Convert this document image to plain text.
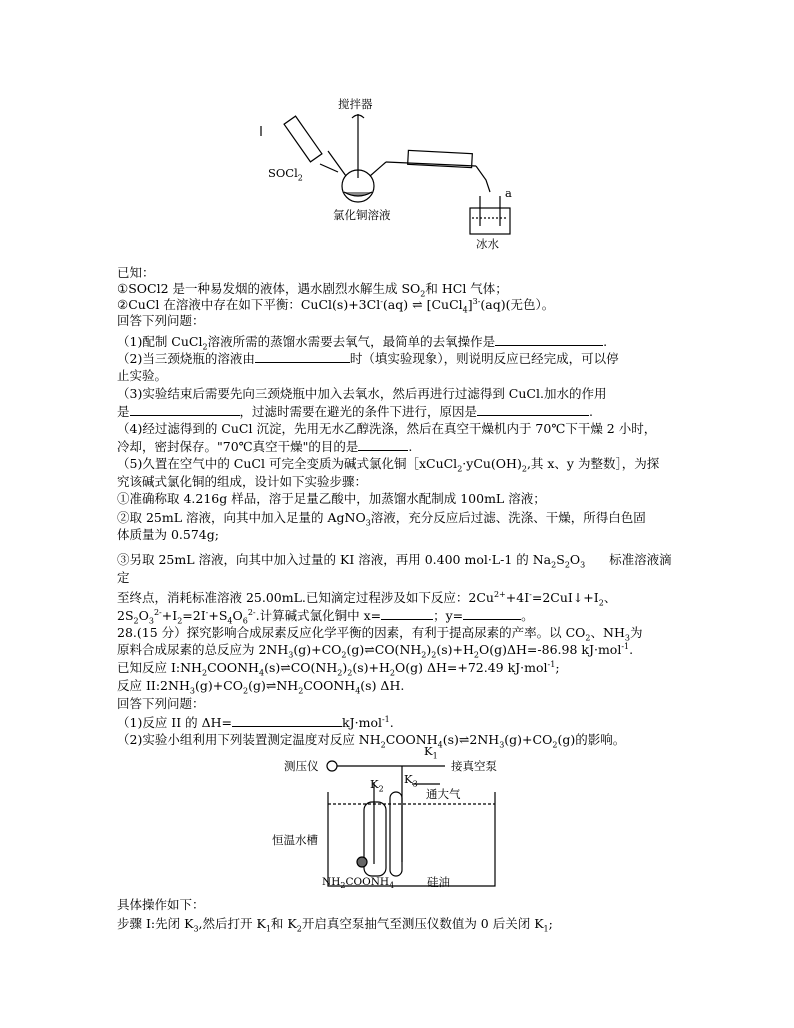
搅拌器
SOCl$_2$
氯化铜溶液
冰水
a
已知：
①SOCl2 是一种易发烟的液体，遇水剧烈水解生成 $SO_2$和 HCl 气体；
②CuCl 在溶液中存在如下平衡：CuCl(s)+3Cl-(aq) ⇌ [CuCl$_4$]$^{3-}$(aq)(无色）。
回答下列问题：
（1)配制 CuCl$_2$溶液所需的蒸馏水需要去氧气，最简单的去氧操作是	.
（2)当三颈烧瓶的溶液由	时（填实验现象），则说明反应已经完成，可以停
止实验。
（3)实验结束后需要先向三颈烧瓶中加入去氧水，然后再进行过滤得到 CuCl.加水的作用
是	，过滤时需要在避光的条件下进行，原因是	.
（4)经过滤得到的 CuCl 沉淀，先用无水乙醇洗涤，然后在真空干燥机内于 70℃下干燥 2 小时，
冷却，密封保存。"70℃真空干燥"的目的是	.
（5)久置在空气中的 CuCl 可完全变质为碱式氯化铜$[xCuCl_2\cdot yCu(OH)_2$,其 x、y 为整数］，为探
究该碱式氯化铜的组成，设计如下实验步骤：
①准确称取 4.216g 样品，溶于足量乙酸中，加蒸馏水配制成 100mL 溶液；
②取 25mL 溶液，向其中加入足量的 AgNO$_3$溶液，充分反应后过滤、洗涤、干燥，所得白色固
体质量为 0.574g;
③另取 25mL 溶液，向其中加入过量的 KI 溶液，再用 0.400 mol·L-1 的 $Na_2S_2O_3$ 标准溶液滴
定
至终点，消耗标准溶液 25.00mL.已知滴定过程涉及如下反应：$2Cu^{2+}+4I^-=2CuI↓+I_2$、
$2S_2O_3^{2-}+I_2=2I^-+S_4O_6^{2-}$.计算碱式氯化铜中 x=	；y=	。
28.(15 分）探究影响合成尿素反应化学平衡的因素，有利于提高尿素的产率。以 $CO_2$、$NH_3$为
原料合成尿素的总反应为 $2NH_3(g)+CO_2(g)\rightleftharpoons CO(NH_2)_2(s)+H_2O(g)\Delta H=-86.98$ kJ·mol$^{-1}$.
已知反应 $I:NH_2COONH_4(s)\rightleftharpoons CO(NH_2)_2(s)+H_2O(g)$ ΔH=+72.49 kJ·mol$^{-1}$;
反应 $II:2NH_3(g)+CO_2(g)\rightleftharpoons NH_2COONH_4(s)$ ΔH.
回答下列问题：
（1)反应 II 的 ΔH=	kJ·mol$^{-1}$.
（2)实验小组利用下列装置测定温度对反应 $NH_2COONH_4(s)\rightleftharpoons 2NH_3(g)+CO_2(g)$的影响。
测压仪	接真空泵
$K_1$
$K_3$
$K_2$	通大气
恒温水槽
$NH_2COONH_4$	硅油
具体操作如下：
步骤 I:先闭 $K_3$,然后打开 $K_1$和 $K_2$开启真空泵抽气至测压仪数值为 0 后关闭 $K_1$;
